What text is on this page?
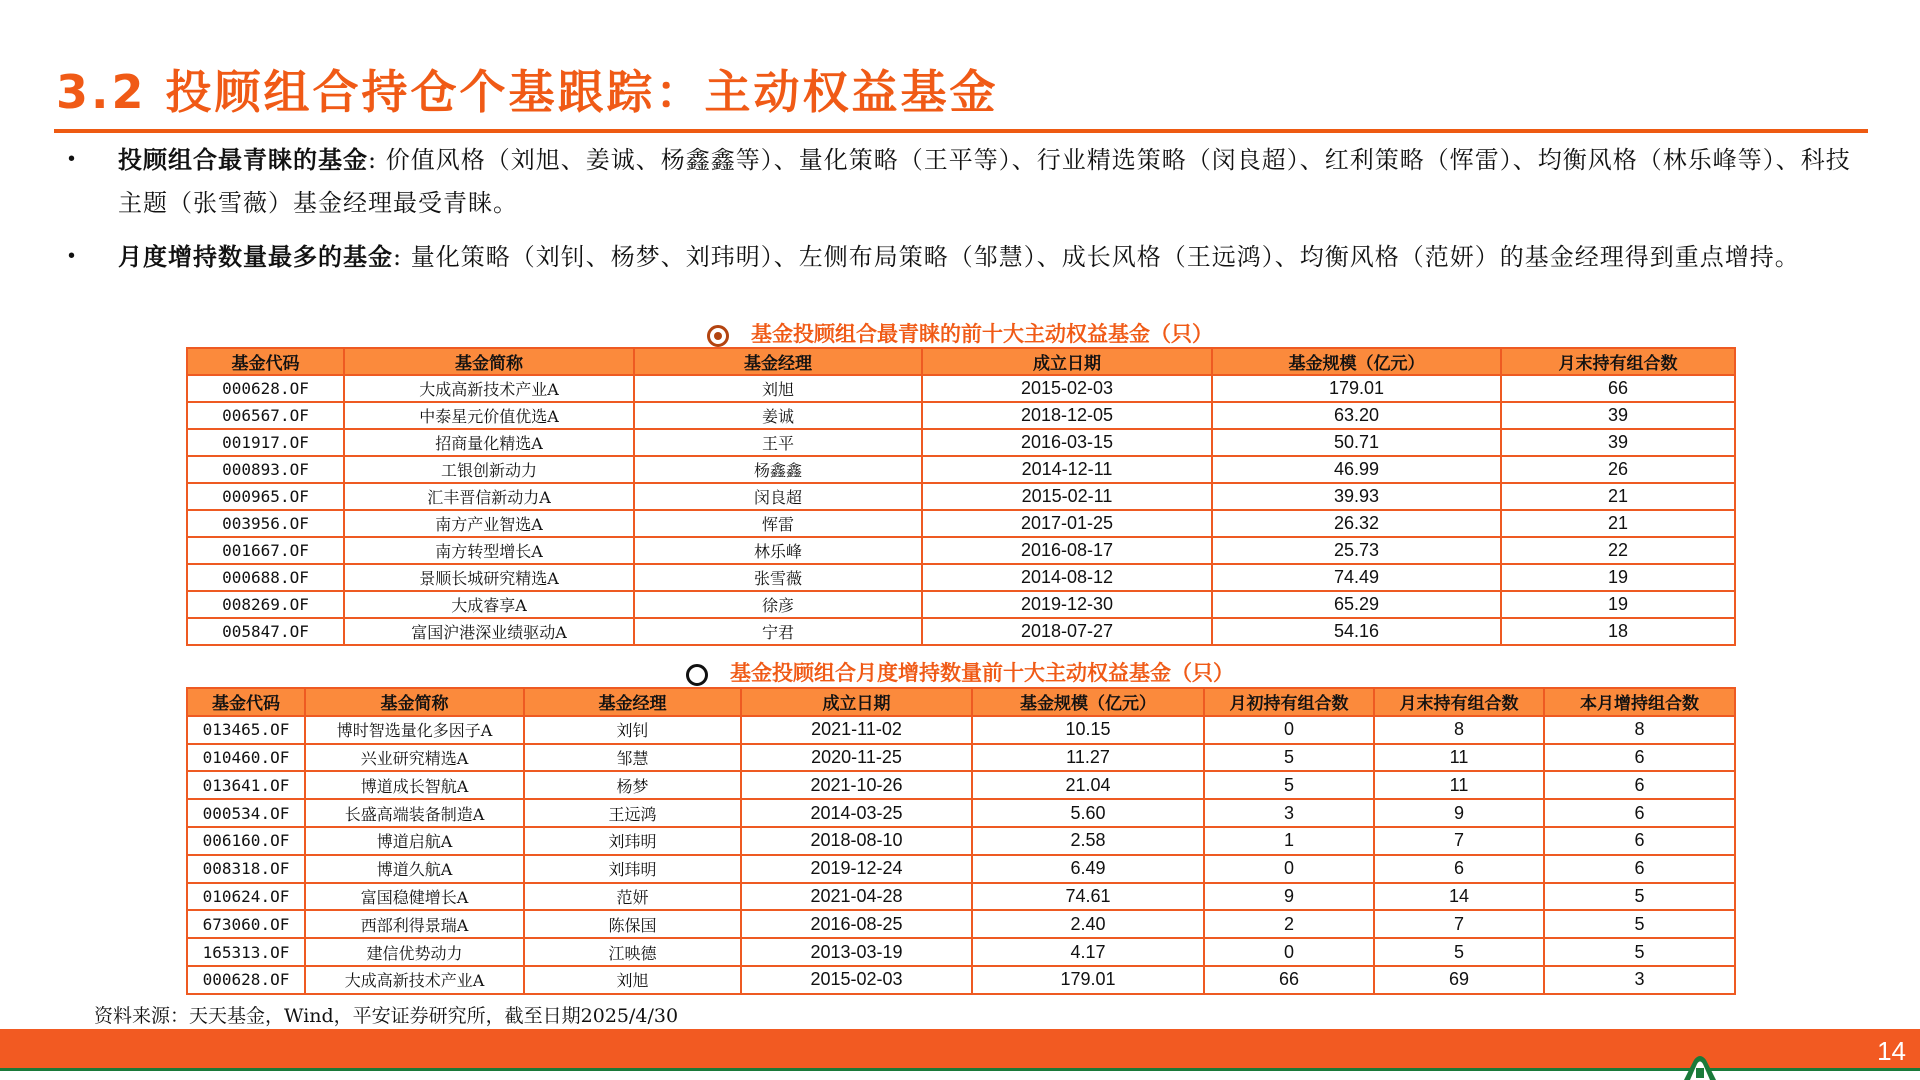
3.2 投顾组合持仓个基跟踪：主动权益基金
• 投顾组合最青睐的基金: 价值风格（刘旭、姜诚、杨鑫鑫等）、量化策略（王平等）、行业精选策略（闵良超）、红利策略（恽雷）、均衡风格（林乐峰等）、科技主题（张雪薇）基金经理最受青睐。
• 月度增持数量最多的基金: 量化策略（刘钊、杨梦、刘玮明）、左侧布局策略（邹慧）、成长风格（王远鸿）、均衡风格（范妍）的基金经理得到重点增持。
基金投顾组合最青睐的前十大主动权益基金（只）
基金代码	基金简称	基金经理	成立日期	基金规模（亿元）	月末持有组合数
000628.OF	大成高新技术产业A	刘旭	2015-02-03	179.01	66
006567.OF	中泰星元价值优选A	姜诚	2018-12-05	63.20	39
001917.OF	招商量化精选A	王平	2016-03-15	50.71	39
000893.OF	工银创新动力	杨鑫鑫	2014-12-11	46.99	26
000965.OF	汇丰晋信新动力A	闵良超	2015-02-11	39.93	21
003956.OF	南方产业智选A	恽雷	2017-01-25	26.32	21
001667.OF	南方转型增长A	林乐峰	2016-08-17	25.73	22
000688.OF	景顺长城研究精选A	张雪薇	2014-08-12	74.49	19
008269.OF	大成睿享A	徐彦	2019-12-30	65.29	19
005847.OF	富国沪港深业绩驱动A	宁君	2018-07-27	54.16	18
基金投顾组合月度增持数量前十大主动权益基金（只）
基金代码	基金简称	基金经理	成立日期	基金规模（亿元）	月初持有组合数	月末持有组合数	本月增持组合数
013465.OF	博时智选量化多因子A	刘钊	2021-11-02	10.15	0	8	8
010460.OF	兴业研究精选A	邹慧	2020-11-25	11.27	5	11	6
013641.OF	博道成长智航A	杨梦	2021-10-26	21.04	5	11	6
000534.OF	长盛高端装备制造A	王远鸿	2014-03-25	5.60	3	9	6
006160.OF	博道启航A	刘玮明	2018-08-10	2.58	1	7	6
008318.OF	博道久航A	刘玮明	2019-12-24	6.49	0	6	6
010624.OF	富国稳健增长A	范妍	2021-04-28	74.61	9	14	5
673060.OF	西部利得景瑞A	陈保国	2016-08-25	2.40	2	7	5
165313.OF	建信优势动力	江映德	2013-03-19	4.17	0	5	5
000628.OF	大成高新技术产业A	刘旭	2015-02-03	179.01	66	69	3
资料来源：天天基金，Wind，平安证券研究所，截至日期2025/4/30
14
